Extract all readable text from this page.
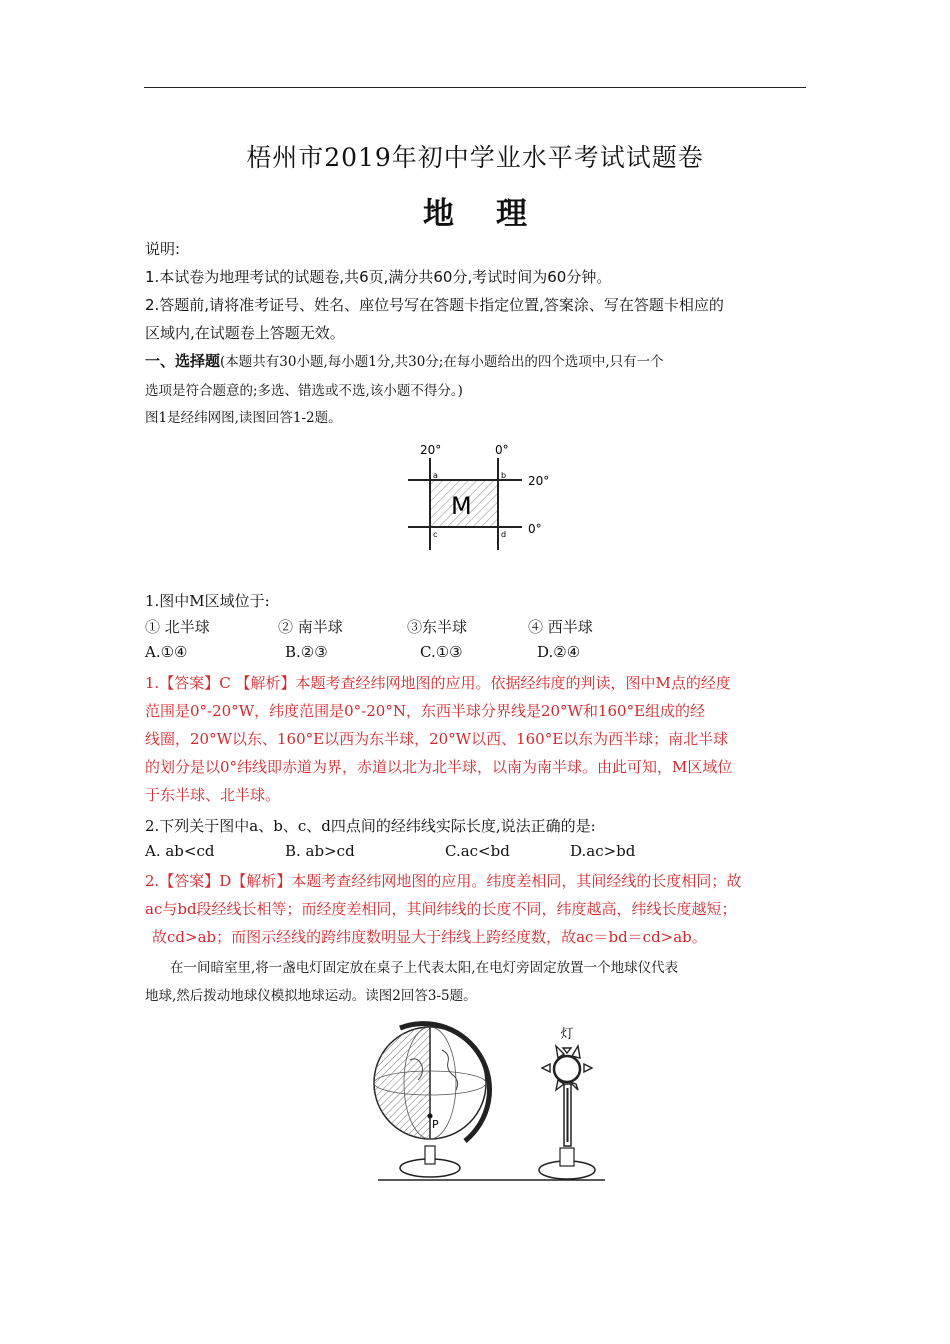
梧州市2019年初中学业水平考试试题卷
地理
说明:
1.本试卷为地理考试的试题卷,共6页,满分共60分,考试时间为60分钟。
2.答题前,请将准考证号、姓名、座位号写在答题卡指定位置,答案涂、写在答题卡相应的
区域内,在试题卷上答题无效。
一、选择题(本题共有30小题,每小题1分,共30分;在每小题给出的四个选项中,只有一个
选项是符合题意的;多选、错选或不选,该小题不得分。)
图1是经纬网图,读图回答1-2题。
20°	0°
20°
0°
M
a	b
c	d
1.图中M区域位于:
① 北半球	② 南半球	③东半球	④ 西半球
A.①④	B.②③	C.①③	D.②④
1.【答案】C 【解析】本题考查经纬网地图的应用。依据经纬度的判读，图中M点的经度
范围是0°-20°W，纬度范围是0°-20°N，东西半球分界线是20°W和160°E组成的经
线圈，20°W以东、160°E以西为东半球，20°W以西、160°E以东为西半球；南北半球
的划分是以0°纬线即赤道为界，赤道以北为北半球，以南为南半球。由此可知，M区域位
于东半球、北半球。
2.下列关于图中a、b、c、d四点间的经纬线实际长度,说法正确的是:
A. ab<cd	B. ab>cd	C.ac<bd	D.ac>bd
2.【答案】D【解析】本题考查经纬网地图的应用。纬度差相同，其间经线的长度相同；故
ac与bd段经线长相等；而经度差相同，其间纬线的长度不同，纬度越高，纬线长度越短；
故cd>ab；而图示经线的跨纬度数明显大于纬线上跨经度数，故ac＝bd＝cd>ab。
在一间暗室里,将一盏电灯固定放在桌子上代表太阳,在电灯旁固定放置一个地球仪代表
地球,然后拨动地球仪模拟地球运动。读图2回答3-5题。
P
灯
